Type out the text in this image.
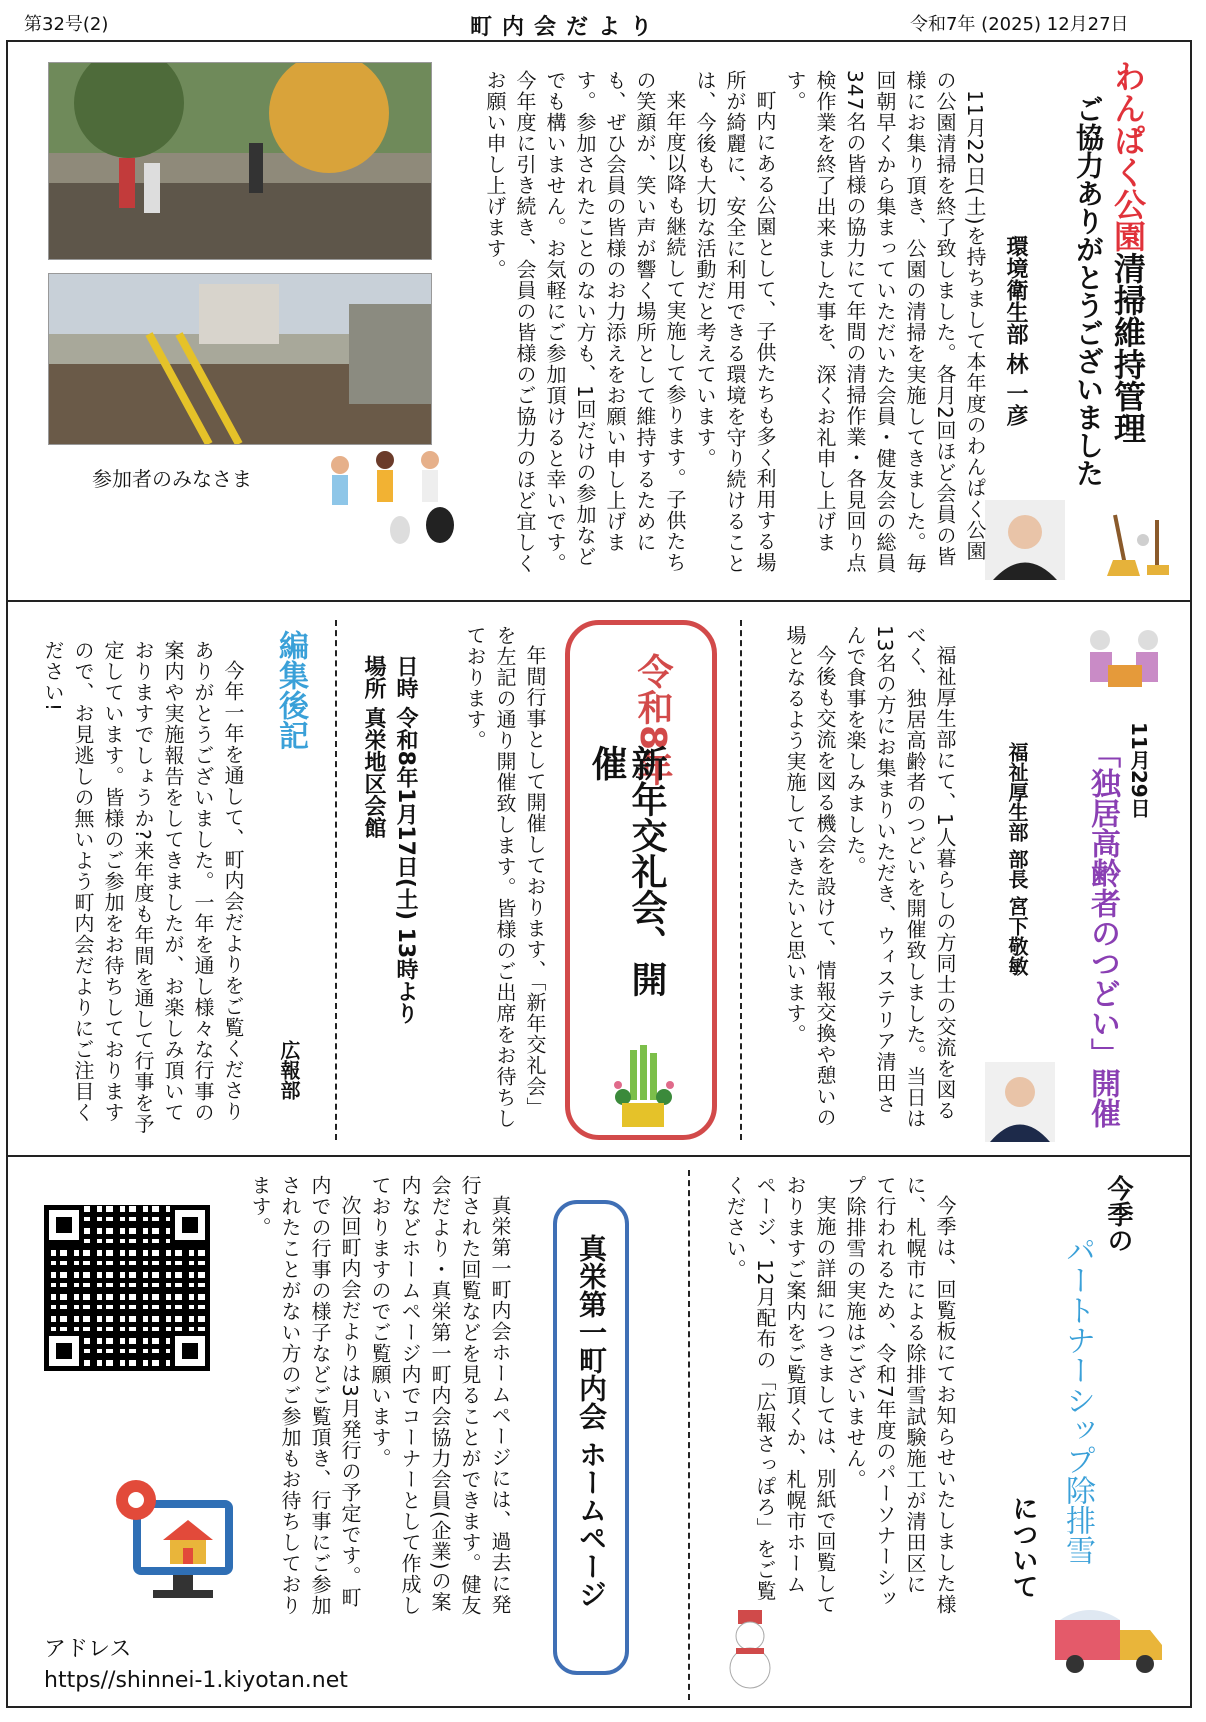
第32号(2)	町内会だより	令和7年 (2025) 12月27日
わんぱく公園清掃維持管理
ご協力ありがとうございました
環境衛生部 林 一彦

11月22日(土)を持ちまして本年度のわんぱく公園の公園清掃を終了致しました。各月2回ほど会員の皆様にお集り頂き、公園の清掃を実施してきました。毎回朝早くから集まっていただいた会員・健友会の総員347名の皆様の協力にて年間の清掃作業・各見回り点検作業を終了出来ました事を、深くお礼申し上げます。

町内にある公園として、子供たちも多く利用する場所が綺麗に、安全に利用できる環境を守り続けることは、今後も大切な活動だと考えています。

来年度以降も継続して実施して参ります。子供たちの笑顔が、笑い声が響く場所として維持するためにも、ぜひ会員の皆様のお力添えをお願い申し上げます。参加されたことのない方も、1回だけの参加などでも構いません。お気軽にご参加頂けると幸いです。今年度に引き続き、会員の皆様のご協力のほど宜しくお願い申し上げます。

参加者のみなさま
11月29日
「独居高齢者のつどい」開催
福祉厚生部 部長 宮下敬敏

福祉厚生部にて、1人暮らしの方同士の交流を図るべく、独居高齢者のつどいを開催致しました。当日は13名の方にお集まりいただき、ウィステリア清田さんで食事を楽しみました。

今後も交流を図る機会を設けて、情報交換や憩いの場となるよう実施していきたいと思います。

令和8年
新年交礼会、開催

年間行事として開催しております、「新年交礼会」を左記の通り開催致します。皆様のご出席をお待ちしております。

日時 令和8年1月17日(土) 13時より
場所 真栄地区会館
編集後記
広報部

今年一年を通して、町内会だよりをご覧くださりありがとうございました。一年を通し様々な行事の案内や実施報告をしてきましたが、お楽しみ頂いておりますでしょうか?来年度も年間を通して行事を予定しています。皆様のご参加をお待ちしておりますので、お見逃しの無いよう町内会だよりにご注目ください!

今季の
パートナーシップ除排雪
について

今季は、回覧板にてお知らせいたしました様に、札幌市による除排雪試験施工が清田区にて行われるため、令和7年度のパーソナーシップ除排雪の実施はございません。

実施の詳細につきましては、別紙で回覧しておりますご案内をご覧頂くか、札幌市ホームページ、12月配布の「広報さっぽろ」をご覧ください。

真栄第一町内会 ホームページ

真栄第一町内会ホームページには、過去に発行された回覧などを見ることができます。健友会だより・真栄第一町内会協力会員(企業)の案内などホームページ内でコーナーとして作成しておりますのでご覧願います。

次回町内会だよりは3月発行の予定です。町内での行事の様子などご覧頂き、行事にご参加されたことがない方のご参加もお待ちしております。

アドレス
https//shinnei-1.kiyotan.net
